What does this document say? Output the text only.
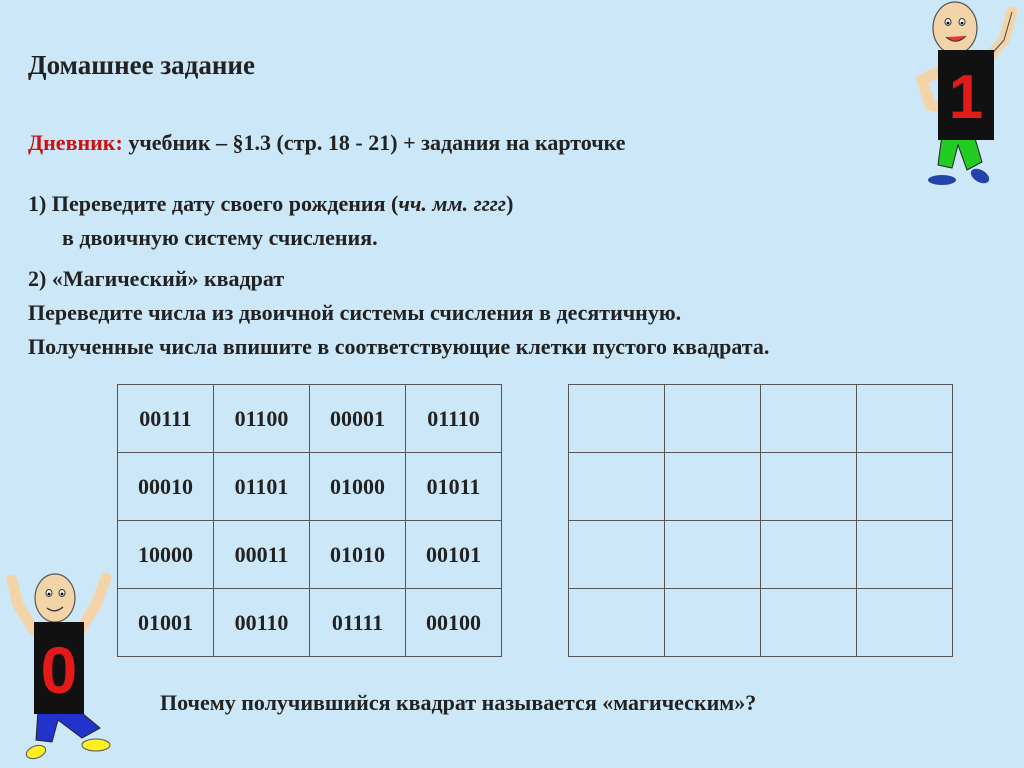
Домашнее задание
Дневник: учебник – §1.3 (стр. 18 - 21) + задания на карточке
1) Переведите дату своего рождения (чч. мм. гггг)
в двоичную систему счисления.
2) «Магический» квадрат
Переведите числа из двоичной системы счисления в десятичную.
Полученные числа впишите в соответствующие клетки пустого квадрата.
00111	01100	00001	01110
00010	01101	01000	01011
10000	00011	01010	00101
01001	00110	01111	00100

Почему получившийся квадрат называется «магическим»?
1
0
